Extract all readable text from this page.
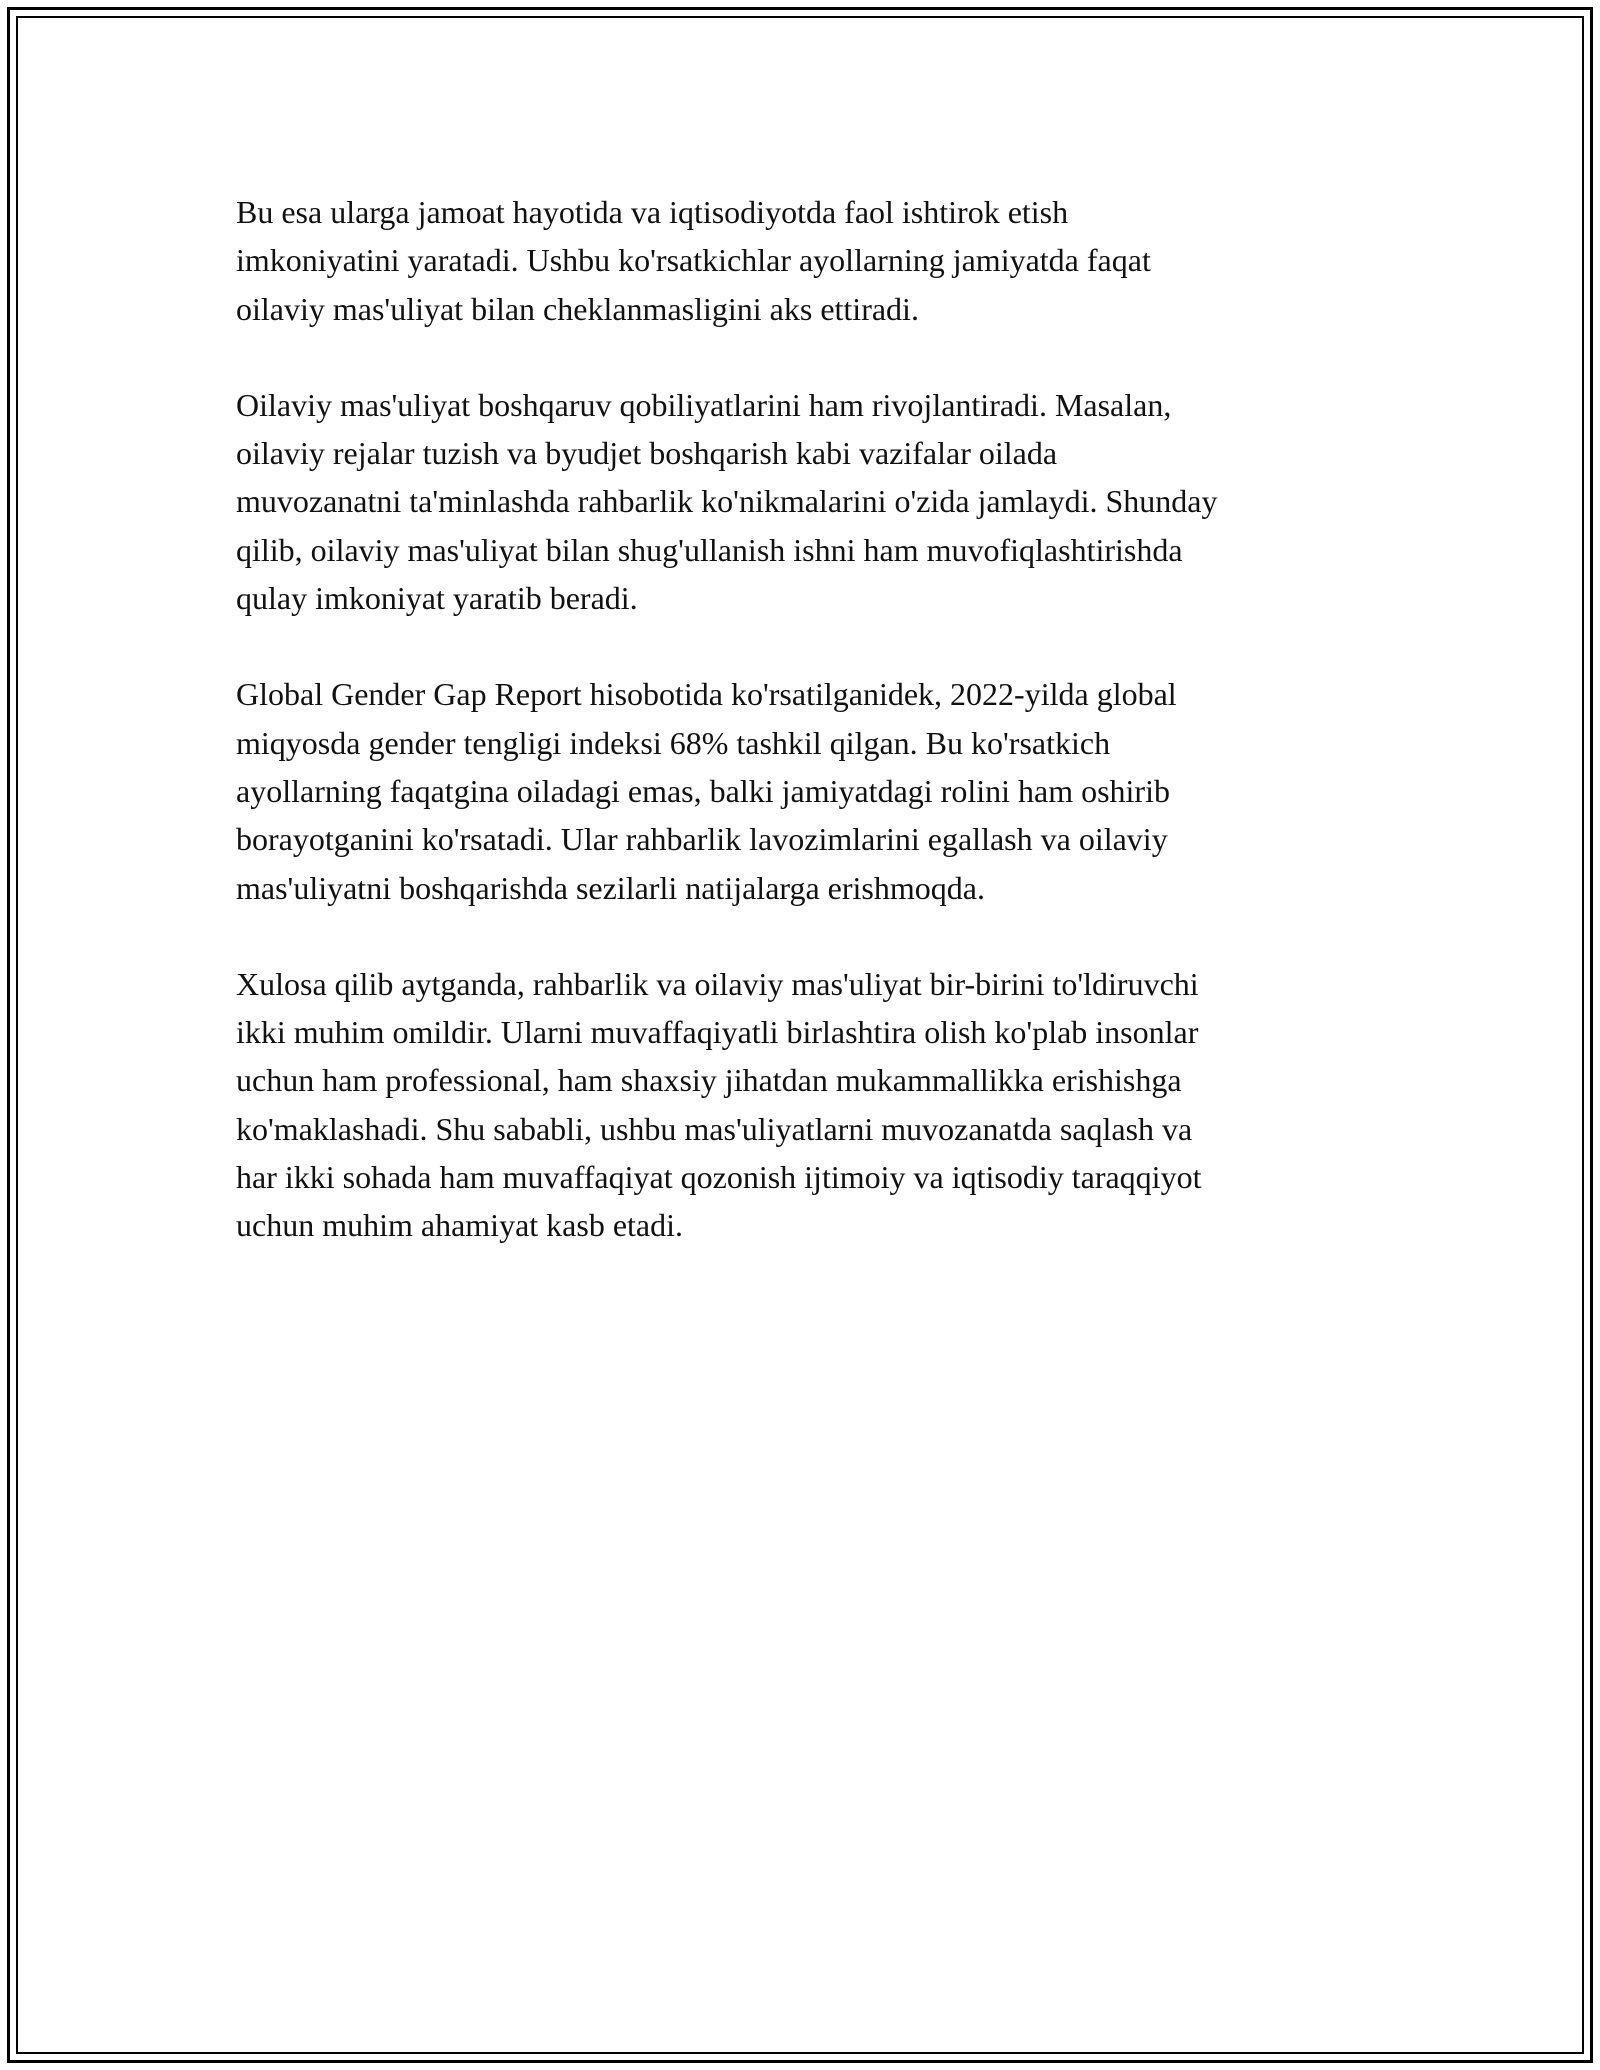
Bu esa ularga jamoat hayotida va iqtisodiyotda faol ishtirok etish
imkoniyatini yaratadi. Ushbu ko'rsatkichlar ayollarning jamiyatda faqat
oilaviy mas'uliyat bilan cheklanmasligini aks ettiradi.

Oilaviy mas'uliyat boshqaruv qobiliyatlarini ham rivojlantiradi. Masalan,
oilaviy rejalar tuzish va byudjet boshqarish kabi vazifalar oilada
muvozanatni ta'minlashda rahbarlik ko'nikmalarini o'zida jamlaydi. Shunday
qilib, oilaviy mas'uliyat bilan shug'ullanish ishni ham muvofiqlashtirishda
qulay imkoniyat yaratib beradi.

Global Gender Gap Report hisobotida ko'rsatilganidek, 2022-yilda global
miqyosda gender tengligi indeksi 68% tashkil qilgan. Bu ko'rsatkich
ayollarning faqatgina oiladagi emas, balki jamiyatdagi rolini ham oshirib
borayotganini ko'rsatadi. Ular rahbarlik lavozimlarini egallash va oilaviy
mas'uliyatni boshqarishda sezilarli natijalarga erishmoqda.

Xulosa qilib aytganda, rahbarlik va oilaviy mas'uliyat bir-birini to'ldiruvchi
ikki muhim omildir. Ularni muvaffaqiyatli birlashtira olish ko'plab insonlar
uchun ham professional, ham shaxsiy jihatdan mukammallikka erishishga
ko'maklashadi. Shu sababli, ushbu mas'uliyatlarni muvozanatda saqlash va
har ikki sohada ham muvaffaqiyat qozonish ijtimoiy va iqtisodiy taraqqiyot
uchun muhim ahamiyat kasb etadi.
